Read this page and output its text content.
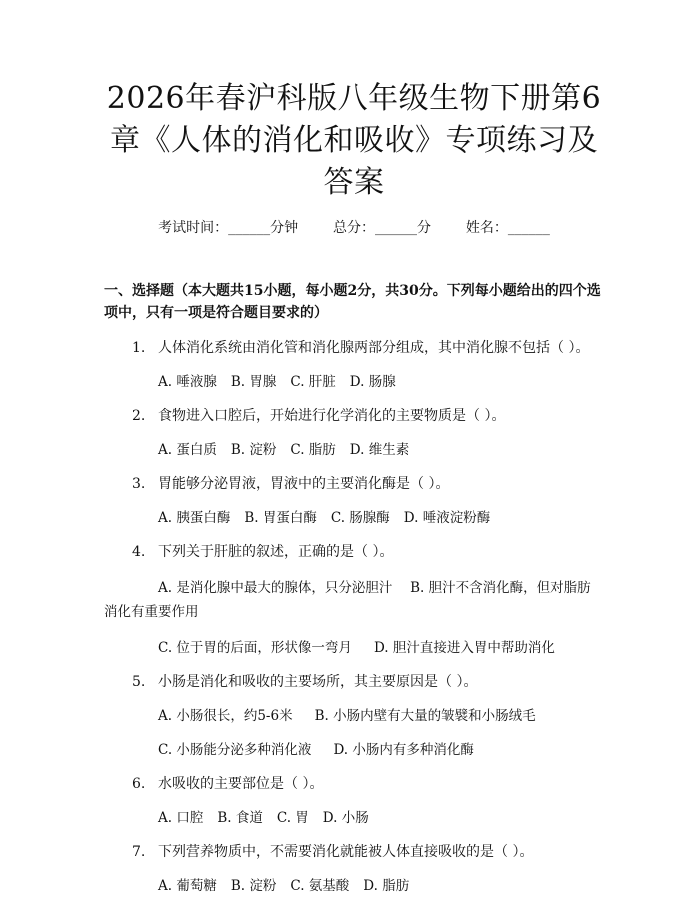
2026年春沪科版八年级生物下册第6章《人体的消化和吸收》专项练习及答案
考试时间：______分钟 总分：______分 姓名：______
一、选择题（本大题共15小题，每小题2分，共30分。下列每小题给出的四个选项中，只有一项是符合题目要求的）
1. 人体消化系统由消化管和消化腺两部分组成，其中消化腺不包括（ ）。
A. 唾液腺 B. 胃腺 C. 肝脏 D. 肠腺
2. 食物进入口腔后，开始进行化学消化的主要物质是（ ）。
A. 蛋白质 B. 淀粉 C. 脂肪 D. 维生素
3. 胃能够分泌胃液，胃液中的主要消化酶是（ ）。
A. 胰蛋白酶 B. 胃蛋白酶 C. 肠腺酶 D. 唾液淀粉酶
4. 下列关于肝脏的叙述，正确的是（ ）。
A. 是消化腺中最大的腺体，只分泌胆汁　 B. 胆汁不含消化酶，但对脂肪消化有重要作用
C. 位于胃的后面，形状像一弯月 D. 胆汁直接进入胃中帮助消化
5. 小肠是消化和吸收的主要场所，其主要原因是（ ）。
A. 小肠很长，约5-6米 B. 小肠内壁有大量的皱襞和小肠绒毛
C. 小肠能分泌多种消化液 D. 小肠内有多种消化酶
6. 水吸收的主要部位是（ ）。
A. 口腔 B. 食道 C. 胃 D. 小肠
7. 下列营养物质中，不需要消化就能被人体直接吸收的是（ ）。
A. 葡萄糖 B. 淀粉 C. 氨基酸 D. 脂肪
